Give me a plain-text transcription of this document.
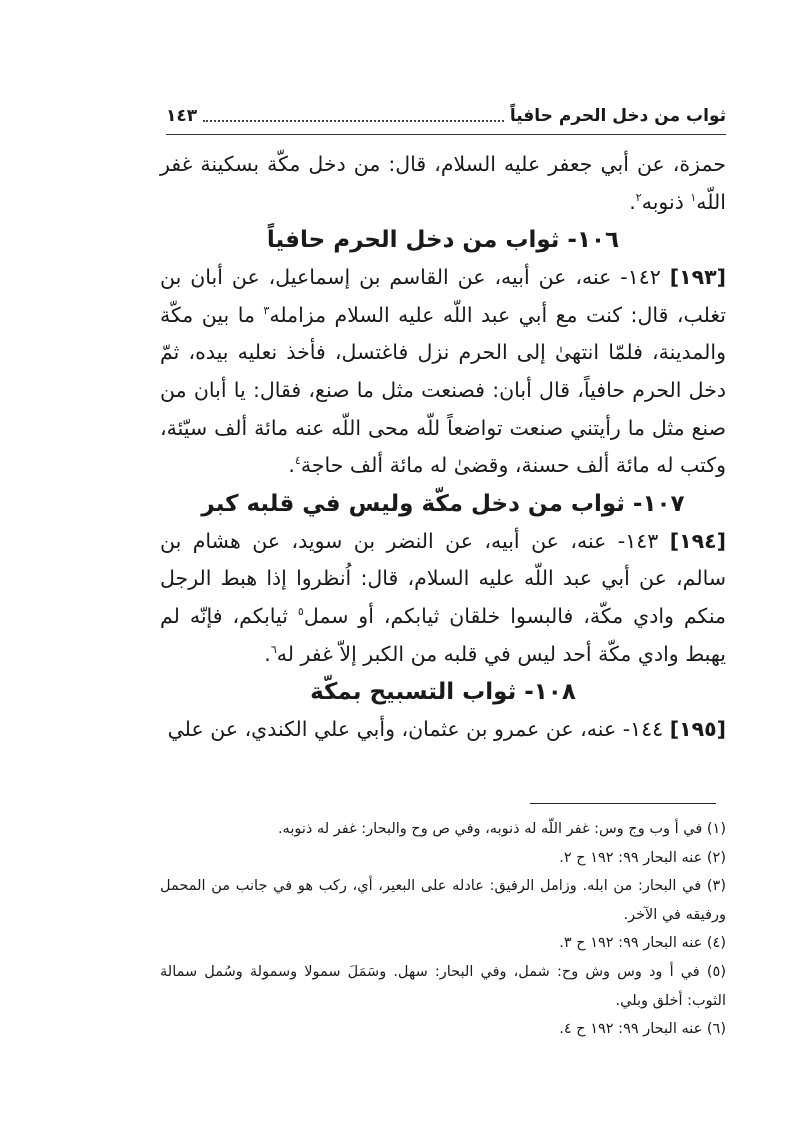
ثواب من دخل الحرم حافياً
١٤٣

حمزة، عن أبي جعفر عليه السلام، قال: من دخل مكّة بسكينة غفر اللّه$^١$ ذنوبه$^٢$.

١٠٦- ثواب من دخل الحرم حافياً

[١٩٣] ١٤٢- عنه، عن أبيه، عن القاسم بن إسماعيل، عن أبان بن تغلب، قال: كنت مع أبي عبد اللّه عليه السلام مزامله$^٣$ ما بين مكّة والمدينة، فلمّا انتهىٰ إلى الحرم نزل فاغتسل، فأخذ نعليه بيده، ثمّ دخل الحرم حافياً، قال أبان: فصنعت مثل ما صنع، فقال: يا أبان من صنع مثل ما رأيتني صنعت تواضعاً للّه محى اللّه عنه مائة ألف سيّئة، وكتب له مائة ألف حسنة، وقضىٰ له مائة ألف حاجة$^٤$.

١٠٧- ثواب من دخل مكّة وليس في قلبه كبر

[١٩٤] ١٤٣- عنه، عن أبيه، عن النضر بن سويد، عن هشام بن سالم، عن أبي عبد اللّه عليه السلام، قال: اُنظروا إذا هبط الرجل منكم وادي مكّة، فالبسوا خلقان ثيابكم، أو سمل$^٥$ ثيابكم، فإنّه لم يهبط وادي مكّة أحد ليس في قلبه من الكبر إلاّ غفر له$^٦$.

١٠٨- ثواب التسبيح بمكّة

[١٩٥] ١٤٤- عنه، عن عمرو بن عثمان، وأبي علي الكندي، عن علي

(١) في أ وب وج وس: غفر اللّه له ذنوبه، وفي ص وح والبحار: غفر له ذنوبه.

(٢) عنه البحار ٩٩: ١٩٢ ح ٢.

(٣) في البحار: من ابله. وزامل الرفيق: عادله على البعير، أي، ركب هو في جانب من المحمل ورفيقه في الآخر.

(٤) عنه البحار ٩٩: ١٩٢ ح ٣.

(٥) في أ ود وس وش وح: شمل، وفي البحار: سهل. وسَمَلَ سمولا وسمولة وسُمل سمالة الثوب: أخلق وبلي.

(٦) عنه البحار ٩٩: ١٩٢ ح ٤.
